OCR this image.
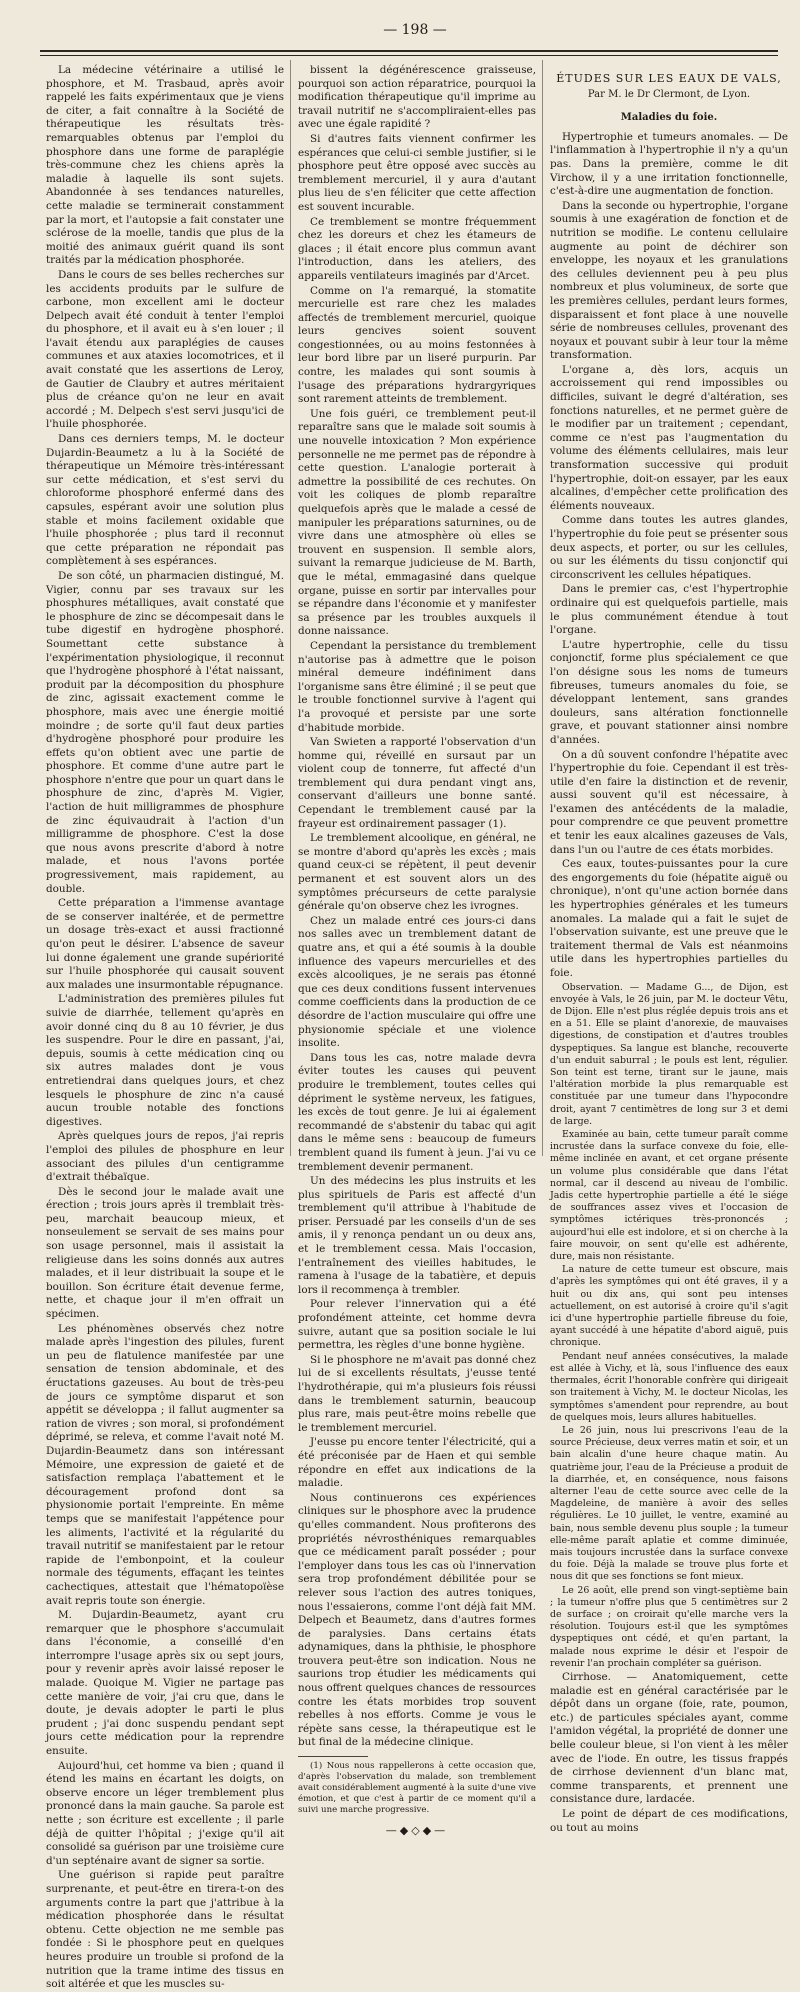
— 198 —

La médecine vétérinaire a utilisé le phosphore, et M. Trasbaud, après avoir rappelé les faits expérimentaux que je viens de citer, a fait connaître à la Société de thérapeutique les résultats très-remarquables obtenus par l'emploi du phosphore dans une forme de paraplégie très-commune chez les chiens après la maladie à laquelle ils sont sujets. Abandonnée à ses tendances naturelles, cette maladie se terminerait constamment par la mort, et l'autopsie a fait constater une sclérose de la moelle, tandis que plus de la moitié des animaux guérit quand ils sont traités par la médication phosphorée.

Dans le cours de ses belles recherches sur les accidents produits par le sulfure de carbone, mon excellent ami le docteur Delpech avait été conduit à tenter l'emploi du phosphore, et il avait eu à s'en louer ; il l'avait étendu aux paraplégies de causes communes et aux ataxies locomotrices, et il avait constaté que les assertions de Leroy, de Gautier de Claubry et autres méritaient plus de créance qu'on ne leur en avait accordé ; M. Delpech s'est servi jusqu'ici de l'huile phosphorée.

Dans ces derniers temps, M. le docteur Dujardin-Beaumetz a lu à la Société de thérapeutique un Mémoire très-intéressant sur cette médication, et s'est servi du chloroforme phosphoré enfermé dans des capsules, espérant avoir une solution plus stable et moins facilement oxidable que l'huile phosphorée ; plus tard il reconnut que cette préparation ne répondait pas complètement à ses espérances.

De son côté, un pharmacien distingué, M. Vigier, connu par ses travaux sur les phosphures métalliques, avait constaté que le phosphure de zinc se décompesait dans le tube digestif en hydrogène phosphoré. Soumettant cette substance à l'expérimentation physiologique, il reconnut que l'hydrogène phosphoré à l'état naissant, produit par la décomposition du phosphure de zinc, agissait exactement comme le phosphore, mais avec une énergie moitié moindre ; de sorte qu'il faut deux parties d'hydrogène phosphoré pour produire les effets qu'on obtient avec une partie de phosphore. Et comme d'une autre part le phosphore n'entre que pour un quart dans le phosphure de zinc, d'après M. Vigier, l'action de huit milligrammes de phosphure de zinc équivaudrait à l'action d'un milligramme de phosphore. C'est la dose que nous avons prescrite d'abord à notre malade, et nous l'avons portée progressivement, mais rapidement, au double.

Cette préparation a l'immense avantage de se conserver inaltérée, et de permettre un dosage très-exact et aussi fractionné qu'on peut le désirer. L'absence de saveur lui donne également une grande supériorité sur l'huile phosphorée qui causait souvent aux malades une insurmontable répugnance.

L'administration des premières pilules fut suivie de diarrhée, tellement qu'après en avoir donné cinq du 8 au 10 février, je dus les suspendre. Pour le dire en passant, j'ai, depuis, soumis à cette médication cinq ou six autres malades dont je vous entretiendrai dans quelques jours, et chez lesquels le phosphure de zinc n'a causé aucun trouble notable des fonctions digestives.

Après quelques jours de repos, j'ai repris l'emploi des pilules de phosphure en leur associant des pilules d'un centigramme d'extrait thébaïque.

Dès le second jour le malade avait une érection ; trois jours après il tremblait très-peu, marchait beaucoup mieux, et nonseulement se servait de ses mains pour son usage personnel, mais il assistait la religieuse dans les soins donnés aux autres malades, et il leur distribuait la soupe et le bouillon. Son écriture était devenue ferme, nette, et chaque jour il m'en offrait un spécimen.

Les phénomènes observés chez notre malade après l'ingestion des pilules, furent un peu de flatulence manifestée par une sensation de tension abdominale, et des éructations gazeuses. Au bout de très-peu de jours ce symptôme disparut et son appétit se développa ; il fallut augmenter sa ration de vivres ; son moral, si profondément déprimé, se releva, et comme l'avait noté M. Dujardin-Beaumetz dans son intéressant Mémoire, une expression de gaieté et de satisfaction remplaça l'abattement et le découragement profond dont sa physionomie portait l'empreinte. En même temps que se manifestait l'appétence pour les aliments, l'activité et la régularité du travail nutritif se manifestaient par le retour rapide de l'embonpoint, et la couleur normale des téguments, effaçant les teintes cachectiques, attestait que l'hématopoïèse avait repris toute son énergie.

M. Dujardin-Beaumetz, ayant cru remarquer que le phosphore s'accumulait dans l'économie, a conseillé d'en interrompre l'usage après six ou sept jours, pour y revenir après avoir laissé reposer le malade. Quoique M. Vigier ne partage pas cette manière de voir, j'ai cru que, dans le doute, je devais adopter le parti le plus prudent ; j'ai donc suspendu pendant sept jours cette médication pour la reprendre ensuite.

Aujourd'hui, cet homme va bien ; quand il étend les mains en écartant les doigts, on observe encore un léger tremblement plus prononcé dans la main gauche. Sa parole est nette ; son écriture est excellente ; il parle déjà de quitter l'hôpital ; j'exige qu'il ait consolidé sa guérison par une troisième cure d'un septénaire avant de signer sa sortie.

Une guérison si rapide peut paraître surprenante, et peut-être en tirera-t-on des arguments contre la part que j'attribue à la médication phosphorée dans le résultat obtenu. Cette objection ne me semble pas fondée : Si le phosphore peut en quelques heures produire un trouble si profond de la nutrition que la trame intime des tissus en soit altérée et que les muscles su-

bissent la dégénérescence graisseuse, pourquoi son action réparatrice, pourquoi la modification thérapeutique qu'il imprime au travail nutritif ne s'accompliraient-elles pas avec une égale rapidité ?

Si d'autres faits viennent confirmer les espérances que celui-ci semble justifier, si le phosphore peut être opposé avec succès au tremblement mercuriel, il y aura d'autant plus lieu de s'en féliciter que cette affection est souvent incurable.

Ce tremblement se montre fréquemment chez les doreurs et chez les étameurs de glaces ; il était encore plus commun avant l'introduction, dans les ateliers, des appareils ventilateurs imaginés par d'Arcet.

Comme on l'a remarqué, la stomatite mercurielle est rare chez les malades affectés de tremblement mercuriel, quoique leurs gencives soient souvent congestionnées, ou au moins festonnées à leur bord libre par un liseré purpurin. Par contre, les malades qui sont soumis à l'usage des préparations hydrargyriques sont rarement atteints de tremblement.

Une fois guéri, ce tremblement peut-il reparaître sans que le malade soit soumis à une nouvelle intoxication ? Mon expérience personnelle ne me permet pas de répondre à cette question. L'analogie porterait à admettre la possibilité de ces rechutes. On voit les coliques de plomb reparaître quelquefois après que le malade a cessé de manipuler les préparations saturnines, ou de vivre dans une atmosphère où elles se trouvent en suspension. Il semble alors, suivant la remarque judicieuse de M. Barth, que le métal, emmagasiné dans quelque organe, puisse en sortir par intervalles pour se répandre dans l'économie et y manifester sa présence par les troubles auxquels il donne naissance.

Cependant la persistance du tremblement n'autorise pas à admettre que le poison minéral demeure indéfiniment dans l'organisme sans être éliminé ; il se peut que le trouble fonctionnel survive à l'agent qui l'a provoqué et persiste par une sorte d'habitude morbide.

Van Swieten a rapporté l'observation d'un homme qui, réveillé en sursaut par un violent coup de tonnerre, fut affecté d'un tremblement qui dura pendant vingt ans, conservant d'ailleurs une bonne santé. Cependant le tremblement causé par la frayeur est ordinairement passager (1).

Le tremblement alcoolique, en général, ne se montre d'abord qu'après les excès ; mais quand ceux-ci se répètent, il peut devenir permanent et est souvent alors un des symptômes précurseurs de cette paralysie générale qu'on observe chez les ivrognes.

Chez un malade entré ces jours-ci dans nos salles avec un tremblement datant de quatre ans, et qui a été soumis à la double influence des vapeurs mercurielles et des excès alcooliques, je ne serais pas étonné que ces deux conditions fussent intervenues comme coefficients dans la production de ce désordre de l'action musculaire qui offre une physionomie spéciale et une violence insolite.

Dans tous les cas, notre malade devra éviter toutes les causes qui peuvent produire le tremblement, toutes celles qui dépriment le système nerveux, les fatigues, les excès de tout genre. Je lui ai également recommandé de s'abstenir du tabac qui agit dans le même sens : beaucoup de fumeurs tremblent quand ils fument à jeun. J'ai vu ce tremblement devenir permanent.

Un des médecins les plus instruits et les plus spirituels de Paris est affecté d'un tremblement qu'il attribue à l'habitude de priser. Persuadé par les conseils d'un de ses amis, il y renonça pendant un ou deux ans, et le tremblement cessa. Mais l'occasion, l'entraînement des vieilles habitudes, le ramena à l'usage de la tabatière, et depuis lors il recommença à trembler.

Pour relever l'innervation qui a été profondément atteinte, cet homme devra suivre, autant que sa position sociale le lui permettra, les règles d'une bonne hygiène.

Si le phosphore ne m'avait pas donné chez lui de si excellents résultats, j'eusse tenté l'hydrothérapie, qui m'a plusieurs fois réussi dans le tremblement saturnin, beaucoup plus rare, mais peut-être moins rebelle que le tremblement mercuriel.

J'eusse pu encore tenter l'électricité, qui a été préconisée par de Haen et qui semble répondre en effet aux indications de la maladie.

Nous continuerons ces expériences cliniques sur le phosphore avec la prudence qu'elles commandent. Nous profiterons des propriétés névrosthéniques remarquables que ce médicament paraît posséder ; pour l'employer dans tous les cas où l'innervation sera trop profondément débilitée pour se relever sous l'action des autres toniques, nous l'essaierons, comme l'ont déjà fait MM. Delpech et Beaumetz, dans d'autres formes de paralysies. Dans certains états adynamiques, dans la phthisie, le phosphore trouvera peut-être son indication. Nous ne saurions trop étudier les médicaments qui nous offrent quelques chances de ressources contre les états morbides trop souvent rebelles à nos efforts. Comme je vous le répète sans cesse, la thérapeutique est le but final de la médecine clinique.

(1) Nous nous rappellerons à cette occasion que, d'après l'observation du malade, son tremblement avait considérablement augmenté à la suite d'une vive émotion, et que c'est à partir de ce moment qu'il a suivi une marche progressive.

—◆◇◆—
ÉTUDES SUR LES EAUX DE VALS,
Par M. le Dr Clermont, de Lyon.
Maladies du foie.

Hypertrophie et tumeurs anomales. — De l'inflammation à l'hypertrophie il n'y a qu'un pas. Dans la première, comme le dit Virchow, il y a une irritation fonctionnelle, c'est-à-dire une augmentation de fonction.

Dans la seconde ou hypertrophie, l'organe soumis à une exagération de fonction et de nutrition se modifie. Le contenu cellulaire augmente au point de déchirer son enveloppe, les noyaux et les granulations des cellules deviennent peu à peu plus nombreux et plus volumineux, de sorte que les premières cellules, perdant leurs formes, disparaissent et font place à une nouvelle série de nombreuses cellules, provenant des noyaux et pouvant subir à leur tour la même transformation.

L'organe a, dès lors, acquis un accroissement qui rend impossibles ou difficiles, suivant le degré d'altération, ses fonctions naturelles, et ne permet guère de le modifier par un traitement ; cependant, comme ce n'est pas l'augmentation du volume des éléments cellulaires, mais leur transformation successive qui produit l'hypertrophie, doit-on essayer, par les eaux alcalines, d'empêcher cette prolification des éléments nouveaux.

Comme dans toutes les autres glandes, l'hypertrophie du foie peut se présenter sous deux aspects, et porter, ou sur les cellules, ou sur les éléments du tissu conjonctif qui circonscrivent les cellules hépatiques.

Dans le premier cas, c'est l'hypertrophie ordinaire qui est quelquefois partielle, mais le plus communément étendue à tout l'organe.

L'autre hypertrophie, celle du tissu conjonctif, forme plus spécialement ce que l'on désigne sous les noms de tumeurs fibreuses, tumeurs anomales du foie, se développant lentement, sans grandes douleurs, sans altération fonctionnelle grave, et pouvant stationner ainsi nombre d'années.

On a dû souvent confondre l'hépatite avec l'hypertrophie du foie. Cependant il est très-utile d'en faire la distinction et de revenir, aussi souvent qu'il est nécessaire, à l'examen des antécédents de la maladie, pour comprendre ce que peuvent promettre et tenir les eaux alcalines gazeuses de Vals, dans l'un ou l'autre de ces états morbides.

Ces eaux, toutes-puissantes pour la cure des engorgements du foie (hépatite aiguë ou chronique), n'ont qu'une action bornée dans les hypertrophies générales et les tumeurs anomales. La malade qui a fait le sujet de l'observation suivante, est une preuve que le traitement thermal de Vals est néanmoins utile dans les hypertrophies partielles du foie.

Observation. — Madame G..., de Dijon, est envoyée à Vals, le 26 juin, par M. le docteur Vêtu, de Dijon. Elle n'est plus réglée depuis trois ans et en a 51. Elle se plaint d'anorexie, de mauvaises digestions, de constipation et d'autres troubles dyspeptiques. Sa langue est blanche, recouverte d'un enduit saburral ; le pouls est lent, régulier. Son teint est terne, tirant sur le jaune, mais l'altération morbide la plus remarquable est constituée par une tumeur dans l'hypocondre droit, ayant 7 centimètres de long sur 3 et demi de large.

Examinée au bain, cette tumeur paraît comme incrustée dans la surface convexe du foie, elle-même inclinée en avant, et cet organe présente un volume plus considérable que dans l'état normal, car il descend au niveau de l'ombilic. Jadis cette hypertrophie partielle a été le siége de souffrances assez vives et l'occasion de symptômes ictériques très-prononcés ; aujourd'hui elle est indolore, et si on cherche à la faire mouvoir, on sent qu'elle est adhérente, dure, mais non résistante.

La nature de cette tumeur est obscure, mais d'après les symptômes qui ont été graves, il y a huit ou dix ans, qui sont peu intenses actuellement, on est autorisé à croire qu'il s'agit ici d'une hypertrophie partielle fibreuse du foie, ayant succédé à une hépatite d'abord aiguë, puis chronique.

Pendant neuf années consécutives, la malade est allée à Vichy, et là, sous l'influence des eaux thermales, écrit l'honorable confrère qui dirigeait son traitement à Vichy, M. le docteur Nicolas, les symptômes s'amendent pour reprendre, au bout de quelques mois, leurs allures habituelles.

Le 26 juin, nous lui prescrivons l'eau de la source Précieuse, deux verres matin et soir, et un bain alcalin d'une heure chaque matin. Au quatrième jour, l'eau de la Précieuse a produit de la diarrhée, et, en conséquence, nous faisons alterner l'eau de cette source avec celle de la Magdeleine, de manière à avoir des selles régulières. Le 10 juillet, le ventre, examiné au bain, nous semble devenu plus souple ; la tumeur elle-même paraît aplatie et comme diminuée, mais toujours incrustée dans la surface convexe du foie. Déjà la malade se trouve plus forte et nous dit que ses fonctions se font mieux.

Le 26 août, elle prend son vingt-septième bain ; la tumeur n'offre plus que 5 centimètres sur 2 de surface ; on croirait qu'elle marche vers la résolution. Toujours est-il que les symptômes dyspeptiques ont cédé, et qu'en partant, la malade nous exprime le désir et l'espoir de revenir l'an prochain compléter sa guérison.

Cirrhose. — Anatomiquement, cette maladie est en général caractérisée par le dépôt dans un organe (foie, rate, poumon, etc.) de particules spéciales ayant, comme l'amidon végétal, la propriété de donner une belle couleur bleue, si l'on vient à les mêler avec de l'iode. En outre, les tissus frappés de cirrhose deviennent d'un blanc mat, comme transparents, et prennent une consistance dure, lardacée.

Le point de départ de ces modifications, ou tout au moins
